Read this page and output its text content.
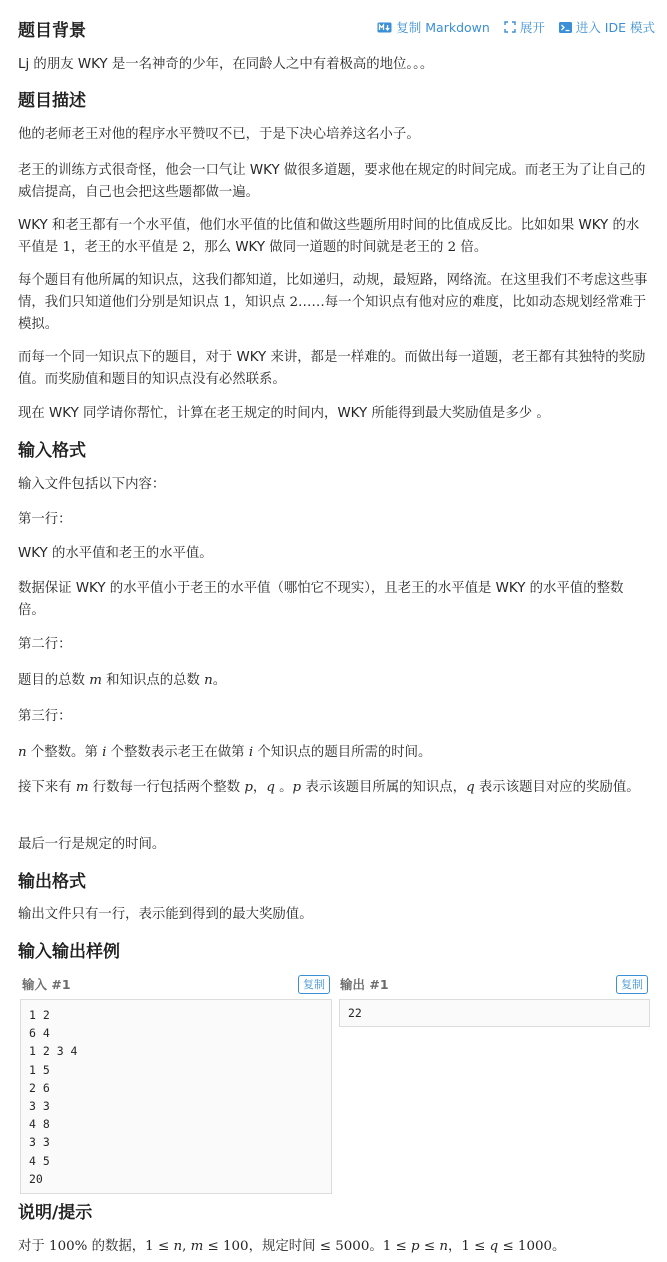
复制 Markdown 展开 进入 IDE 模式
题目背景

Lj 的朋友 WKY 是一名神奇的少年，在同龄人之中有着极高的地位。。。

题目描述

他的老师老王对他的程序水平赞叹不已，于是下决心培养这名小子。

老王的训练方式很奇怪，他会一口气让 WKY 做很多道题，要求他在规定的时间完成。而老王为了让自己的威信提高，自己也会把这些题都做一遍。

WKY 和老王都有一个水平值，他们水平值的比值和做这些题所用时间的比值成反比。比如如果 WKY 的水平值是 1，老王的水平值是 2，那么 WKY 做同一道题的时间就是老王的 2 倍。

每个题目有他所属的知识点，这我们都知道，比如递归，动规，最短路，网络流。在这里我们不考虑这些事情，我们只知道他们分别是知识点 1，知识点 2……每一个知识点有他对应的难度，比如动态规划经常难于模拟。

而每一个同一知识点下的题目，对于 WKY 来讲，都是一样难的。而做出每一道题，老王都有其独特的奖励值。而奖励值和题目的知识点没有必然联系。

现在 WKY 同学请你帮忙，计算在老王规定的时间内，WKY 所能得到最大奖励值是多少 。

输入格式

输入文件包括以下内容：

第一行：

WKY 的水平值和老王的水平值。

数据保证 WKY 的水平值小于老王的水平值（哪怕它不现实），且老王的水平值是 WKY 的水平值的整数倍。

第二行：

题目的总数 m 和知识点的总数 n。

第三行：

n 个整数。第 i 个整数表示老王在做第 i 个知识点的题目所需的时间。

接下来有 m 行数每一行包括两个整数 p，q 。p 表示该题目所属的知识点，q 表示该题目对应的奖励值。

最后一行是规定的时间。

输出格式

输出文件只有一行，表示能到得到的最大奖励值。

输入输出样例
输入 #1	复制
1 2
6 4
1 2 3 4
1 5
2 6
3 3
4 8
3 3
4 5
20
输出 #1	复制
22
说明/提示

对于 100% 的数据，1 ≤ n, m ≤ 100，规定时间 ≤ 5000。1 ≤ p ≤ n，1 ≤ q ≤ 1000。
